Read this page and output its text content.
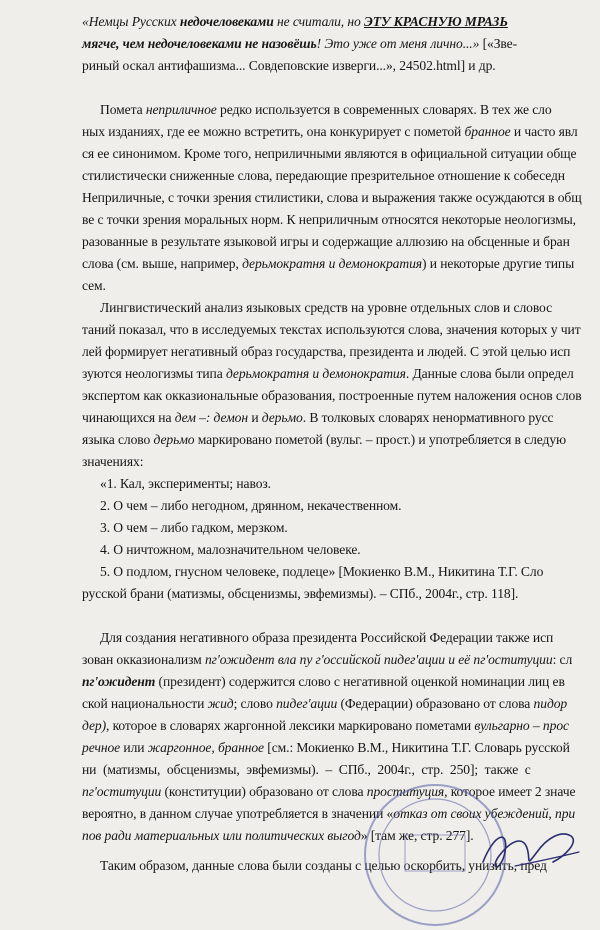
«Немцы Русских недочеловеками не считали, но ЭТУ КРАСНУЮ МРАЗЬ
мягче, чем недочеловеками не назовёшь! Это уже от меня лично...» [«Зве-
риный оскал антифашизма... Совдеповские изверги...», 24502.html] и др.
Помета неприличное редко используется в современных словарях. В тех же сло
ных изданиях, где ее можно встретить, она конкурирует с пометой бранное и часто явл
ся ее синонимом. Кроме того, неприличными являются в официальной ситуации обще
стилистически сниженные слова, передающие презрительное отношение к собеседн
Неприличные, с точки зрения стилистики, слова и выражения также осуждаются в общ
ве с точки зрения моральных норм. К неприличным относятся некоторые неологизмы,
разованные в результате языковой игры и содержащие аллюзию на обсценные и бран
слова (см. выше, например, дерьмократня и демонократия) и некоторые другие типы
сем.
Лингвистический анализ языковых средств на уровне отдельных слов и словос
таний показал, что в исследуемых текстах используются слова, значения которых у чит
лей формирует негативный образ государства, президента и людей. С этой целью исп
зуются неологизмы типа дерьмократня и демонократия. Данные слова были определ
экспертом как окказиональные образования, построенные путем наложения основ слов
чинающихся на дем –: демон и дерьмо. В толковых словарях ненормативного русс
языка слово дерьмо маркировано пометой (вульг. – прост.) и употребляется в следую
значениях:
«1. Кал, эксперименты; навоз.
2. О чем – либо негодном, дрянном, некачественном.
3. О чем – либо гадком, мерзком.
4. О ничтожном, малозначительном человеке.
5. О подлом, гнусном человеке, подлеце» [Мокиенко В.М., Никитина Т.Г. Сло
русской брани (матизмы, обсценизмы, эвфемизмы). – СПб., 2004г., стр. 118].
Для создания негативного образа президента Российской Федерации также исп
зован окказионализм пг'ожидент вла пу г'оссийской пидег'ации и её пг'оституции: сл
пг'ожидент (президент) содержится слово с негативной оценкой номинации лиц ев
ской национальности жид; слово пидег'ации (Федерации) образовано от слова пидор
дер), которое в словарях жаргонной лексики маркировано пометами вульгарно – прос
речное или жаргонное, бранное [см.: Мокиенко В.М., Никитина Т.Г. Словарь русской
ни  (матизмы,  обсценизмы,  эвфемизмы).  –  СПб.,  2004г.,  стр.  250];  также  с
пг'оституции (конституции) образовано от слова проституция, которое имеет 2 значе
вероятно, в данном случае употребляется в значении «отказ от своих убеждений, при
пов ради материальных или политических выгод» [там же, стр. 277].
Таким образом, данные слова были созданы с целью оскорбить, унизить, пред
